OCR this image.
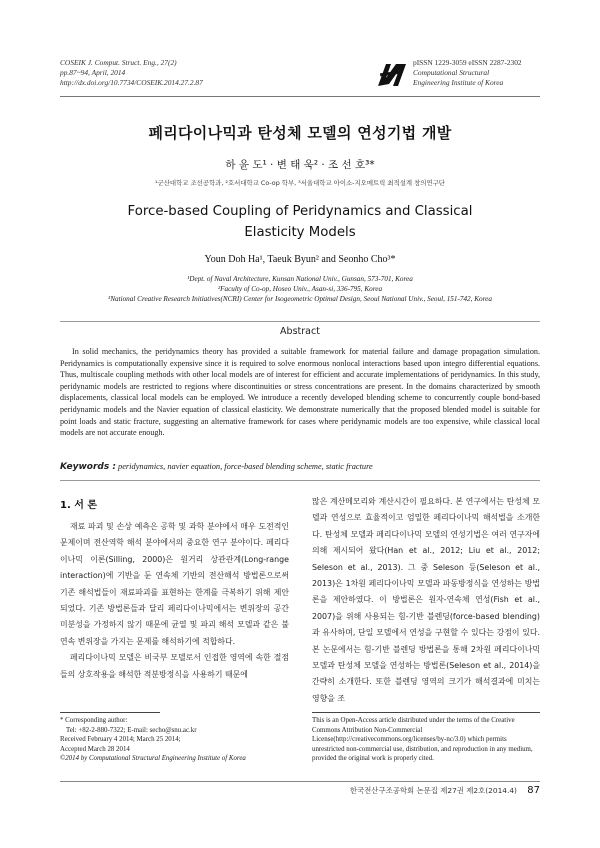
COSEIK J. Comput. Struct. Eng., 27(2)
pp.87~94, April, 2014
http://dx.doi.org/10.7734/COSEIK.2014.27.2.87
pISSN 1229-3059 eISSN 2287-2302
Computational Structural
Engineering Institute of Korea
페리다이나믹과 탄성체 모델의 연성기법 개발
하 윤 도¹ · 변 태 욱² · 조 선 호³*
¹군산대학교 조선공학과, ²호서대학교 Co-op 학부, ³서울대학교 아이소-지오메트릭 최적설계 창의연구단
Force-based Coupling of Peridynamics and Classical
Elasticity Models
Youn Doh Ha¹, Taeuk Byun² and Seonho Cho³*
¹Dept. of Naval Architecture, Kunsan National Univ., Gunsan, 573-701, Korea
²Faculty of Co-op, Hoseo Univ., Asan-si, 336-795, Korea
³National Creative Research Initiatives(NCRI) Center for Isogeometric Optimal Design, Seoul National Univ., Seoul, 151-742, Korea
Abstract
In solid mechanics, the peridynamics theory has provided a suitable framework for material failure and damage propagation simulation. Peridynamics is computationally expensive since it is required to solve enormous nonlocal interactions based upon integro differential equations. Thus, multiscale coupling methods with other local models are of interest for efficient and accurate implementations of peridynamics. In this study, peridynamic models are restricted to regions where discontinuities or stress concentrations are present. In the domains characterized by smooth displacements, classical local models can be employed. We introduce a recently developed blending scheme to concurrently couple bond-based peridynamic models and the Navier equation of classical elasticity. We demonstrate numerically that the proposed blended model is suitable for point loads and static fracture, suggesting an alternative framework for cases where peridynamic models are too expensive, while classical local models are not accurate enough.
Keywords : peridynamics, navier equation, force-based blending scheme, static fracture
1. 서 론

재료 파괴 및 손상 예측은 공학 및 과학 분야에서 매우 도전적인 문제이며 전산역학 해석 분야에서의 중요한 연구 분야이다. 페리다이나믹 이론(Silling, 2000)은 원거리 상관관계(Long-range interaction)에 기반을 둔 연속체 기반의 전산해석 방법론으로써 기존 해석법들이 재료파괴를 표현하는 한계를 극복하기 위해 제안되었다. 기존 방법론들과 달리 페리다이나믹에서는 변위장의 공간미분성을 가정하지 않기 때문에 균열 및 파괴 해석 모델과 같은 불연속 변위장을 가지는 문제를 해석하기에 적합하다.

페리다이나믹 모델은 비국부 모델로서 인접한 영역에 속한 절점들의 상호작용을 해석한 적분방정식을 사용하기 때문에

많은 계산메모리와 계산시간이 필요하다. 본 연구에서는 탄성체 모델과 연성으로 효율적이고 엄밀한 페리다이나믹 해석법을 소개한다. 탄성체 모델과 페리다이나믹 모델의 연성기법은 여러 연구자에 의해 제시되어 왔다(Han et al., 2012; Liu et al., 2012; Seleson et al., 2013). 그 중 Seleson 등(Seleson et al., 2013)은 1차원 페리다이나믹 모델과 파동방정식을 연성하는 방법론을 제안하였다. 이 방법론은 원자-연속체 연성(Fish et al., 2007)을 위해 사용되는 힘-기반 블렌딩(force-based blending)과 유사하며, 단일 모델에서 연성을 구현할 수 있다는 강점이 있다. 본 논문에서는 힘-기반 블렌딩 방법론을 통해 2차원 페리다이나믹 모델과 탄성체 모델을 연성하는 방법론(Seleson et al., 2014)을 간략히 소개한다. 또한 블렌딩 영역의 크기가 해석결과에 미치는 영향을 조

* Corresponding author:
Tel: +82-2-880-7322; E-mail: secho@snu.ac.kr
Received February 4 2014; March 25 2014;
Accepted March 28 2014
©2014 by Computational Structural Engineering Institute of Korea
This is an Open-Access article distributed under the terms of the Creative Commons Attribution Non-Commercial License(http://creativecommons.org/licenses/by-nc/3.0) which permits unrestricted non-commercial use, distribution, and reproduction in any medium, provided the original work is properly cited.
한국전산구조공학회 논문집 제27권 제2호(2014.4) 87
